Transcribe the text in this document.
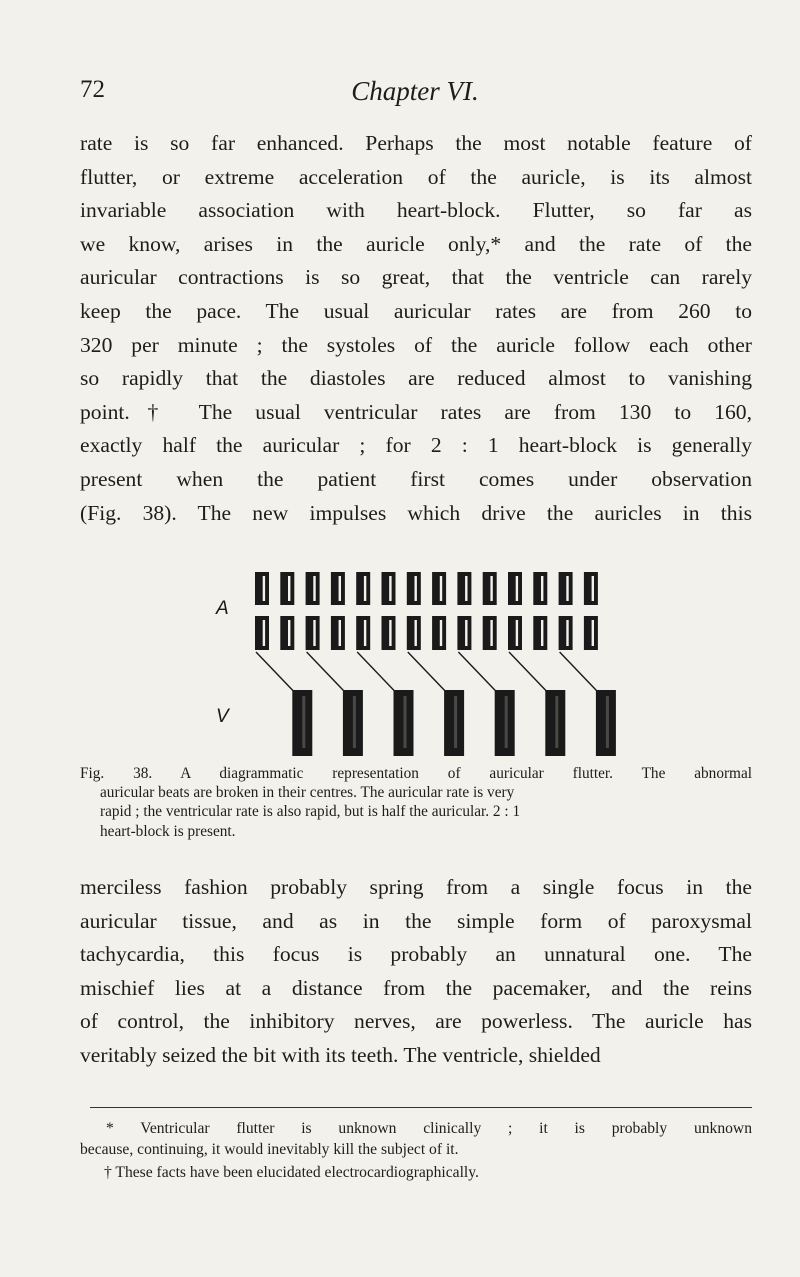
72	Chapter VI.
rate is so far enhanced. Perhaps the most notable feature of
flutter, or extreme acceleration of the auricle, is its almost
invariable association with heart-block. Flutter, so far as
we know, arises in the auricle only,* and the rate of the
auricular contractions is so great, that the ventricle can rarely
keep the pace. The usual auricular rates are from 260 to
320 per minute ; the systoles of the auricle follow each other
so rapidly that the diastoles are reduced almost to vanishing
point.† The usual ventricular rates are from 130 to 160,
exactly half the auricular ; for 2 : 1 heart-block is generally
present when the patient first comes under observation
(Fig. 38). The new impulses which drive the auricles in this
A
V
Fig. 38. A diagrammatic representation of auricular flutter. The abnormal
auricular beats are broken in their centres. The auricular rate is very
rapid ; the ventricular rate is also rapid, but is half the auricular. 2 : 1
heart-block is present.
merciless fashion probably spring from a single focus in the
auricular tissue, and as in the simple form of paroxysmal
tachycardia, this focus is probably an unnatural one. The
mischief lies at a distance from the pacemaker, and the reins
of control, the inhibitory nerves, are powerless. The auricle has
veritably seized the bit with its teeth. The ventricle, shielded
* Ventricular flutter is unknown clinically ; it is probably unknown
because, continuing, it would inevitably kill the subject of it.
† These facts have been elucidated electrocardiographically.
